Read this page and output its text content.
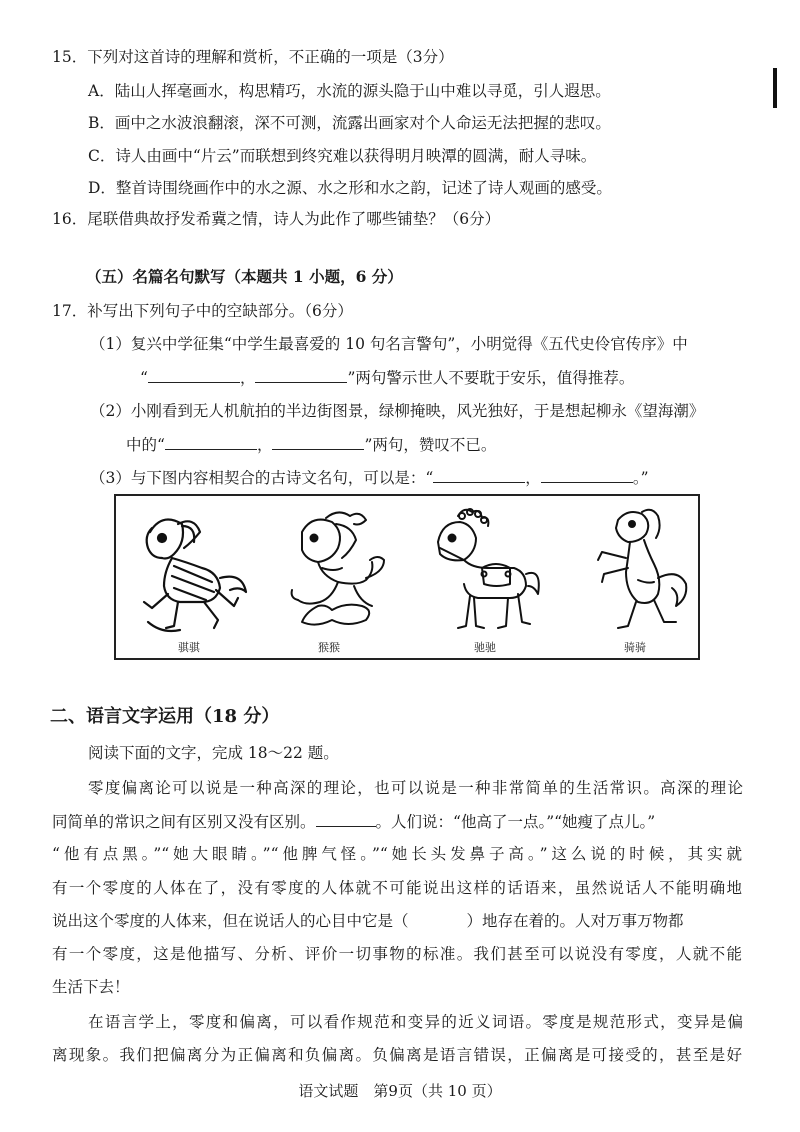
15．下列对这首诗的理解和赏析，不正确的一项是（3分）
A．陆山人挥毫画水，构思精巧，水流的源头隐于山中难以寻觅，引人遐思。
B．画中之水波浪翻滚，深不可测，流露出画家对个人命运无法把握的悲叹。
C．诗人由画中“片云”而联想到终究难以获得明月映潭的圆满，耐人寻味。
D．整首诗围绕画作中的水之源、水之形和水之韵，记述了诗人观画的感受。
16．尾联借典故抒发希冀之情，诗人为此作了哪些铺垫？（6分）
（五）名篇名句默写（本题共 1 小题，6 分）
17．补写出下列句子中的空缺部分。（6分）
（1）复兴中学征集“中学生最喜爱的 10 句名言警句”，小明觉得《五代史伶官传序》中
“	，	”两句警示世人不要耽于安乐，值得推荐。
（2）小刚看到无人机航拍的半边街图景，绿柳掩映，风光独好，于是想起柳永《望海潮》
中的“	，	”两句，赞叹不已。
（3）与下图内容相契合的古诗文名句，可以是：“	，	。”
骐骐	猴猴	驰驰	骑骑
二、语言文字运用（18 分）
阅读下面的文字，完成 18～22 题。
零度偏离论可以说是一种高深的理论，也可以说是一种非常简单的生活常识。高深的理论
同简单的常识之间有区别又没有区别。	。人们说：“他高了一点。”“她瘦了点儿。”
“他有点黑。”“她大眼睛。”“他脾气怪。”“她长头发鼻子高。”这么说的时候，其实就
有一个零度的人体在了，没有零度的人体就不可能说出这样的话语来，虽然说话人不能明确地
说出这个零度的人体来，但在说话人的心目中它是（	）地存在着的。人对万事万物都
有一个零度，这是他描写、分析、评价一切事物的标准。我们甚至可以说没有零度，人就不能
生活下去！
在语言学上，零度和偏离，可以看作规范和变异的近义词语。零度是规范形式，变异是偏
离现象。我们把偏离分为正偏离和负偏离。负偏离是语言错误，正偏离是可接受的，甚至是好
语文试题　第9页（共 10 页）
